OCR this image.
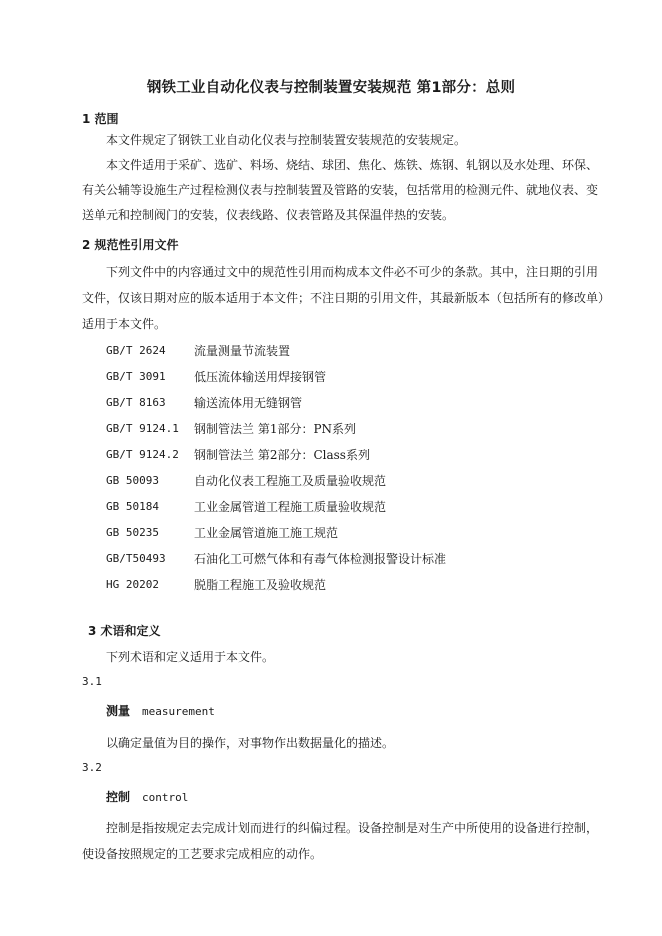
钢铁工业自动化仪表与控制装置安装规范 第1部分：总则
1 范围
本文件规定了钢铁工业自动化仪表与控制装置安装规范的安装规定。
本文件适用于采矿、选矿、料场、烧结、球团、焦化、炼铁、炼钢、轧钢以及水处理、环保、
有关公辅等设施生产过程检测仪表与控制装置及管路的安装，包括常用的检测元件、就地仪表、变
送单元和控制阀门的安装，仪表线路、仪表管路及其保温伴热的安装。
2 规范性引用文件
下列文件中的内容通过文中的规范性引用而构成本文件必不可少的条款。其中，注日期的引用
文件，仅该日期对应的版本适用于本文件；不注日期的引用文件，其最新版本（包括所有的修改单）
适用于本文件。
GB/T 2624 流量测量节流装置
GB/T 3091 低压流体输送用焊接钢管
GB/T 8163 输送流体用无缝钢管
GB/T 9124.1 钢制管法兰 第1部分：PN系列
GB/T 9124.2 钢制管法兰 第2部分：Class系列
GB 50093	自动化仪表工程施工及质量验收规范
GB 50184	工业金属管道工程施工质量验收规范
GB 50235	工业金属管道施工施工规范
GB/T50493 石油化工可燃气体和有毒气体检测报警设计标准
HG 20202	脱脂工程施工及验收规范
3 术语和定义
下列术语和定义适用于本文件。
3.1
测量 measurement
以确定量值为目的操作，对事物作出数据量化的描述。
3.2
控制 control
控制是指按规定去完成计划而进行的纠偏过程。设备控制是对生产中所使用的设备进行控制，
使设备按照规定的工艺要求完成相应的动作。
